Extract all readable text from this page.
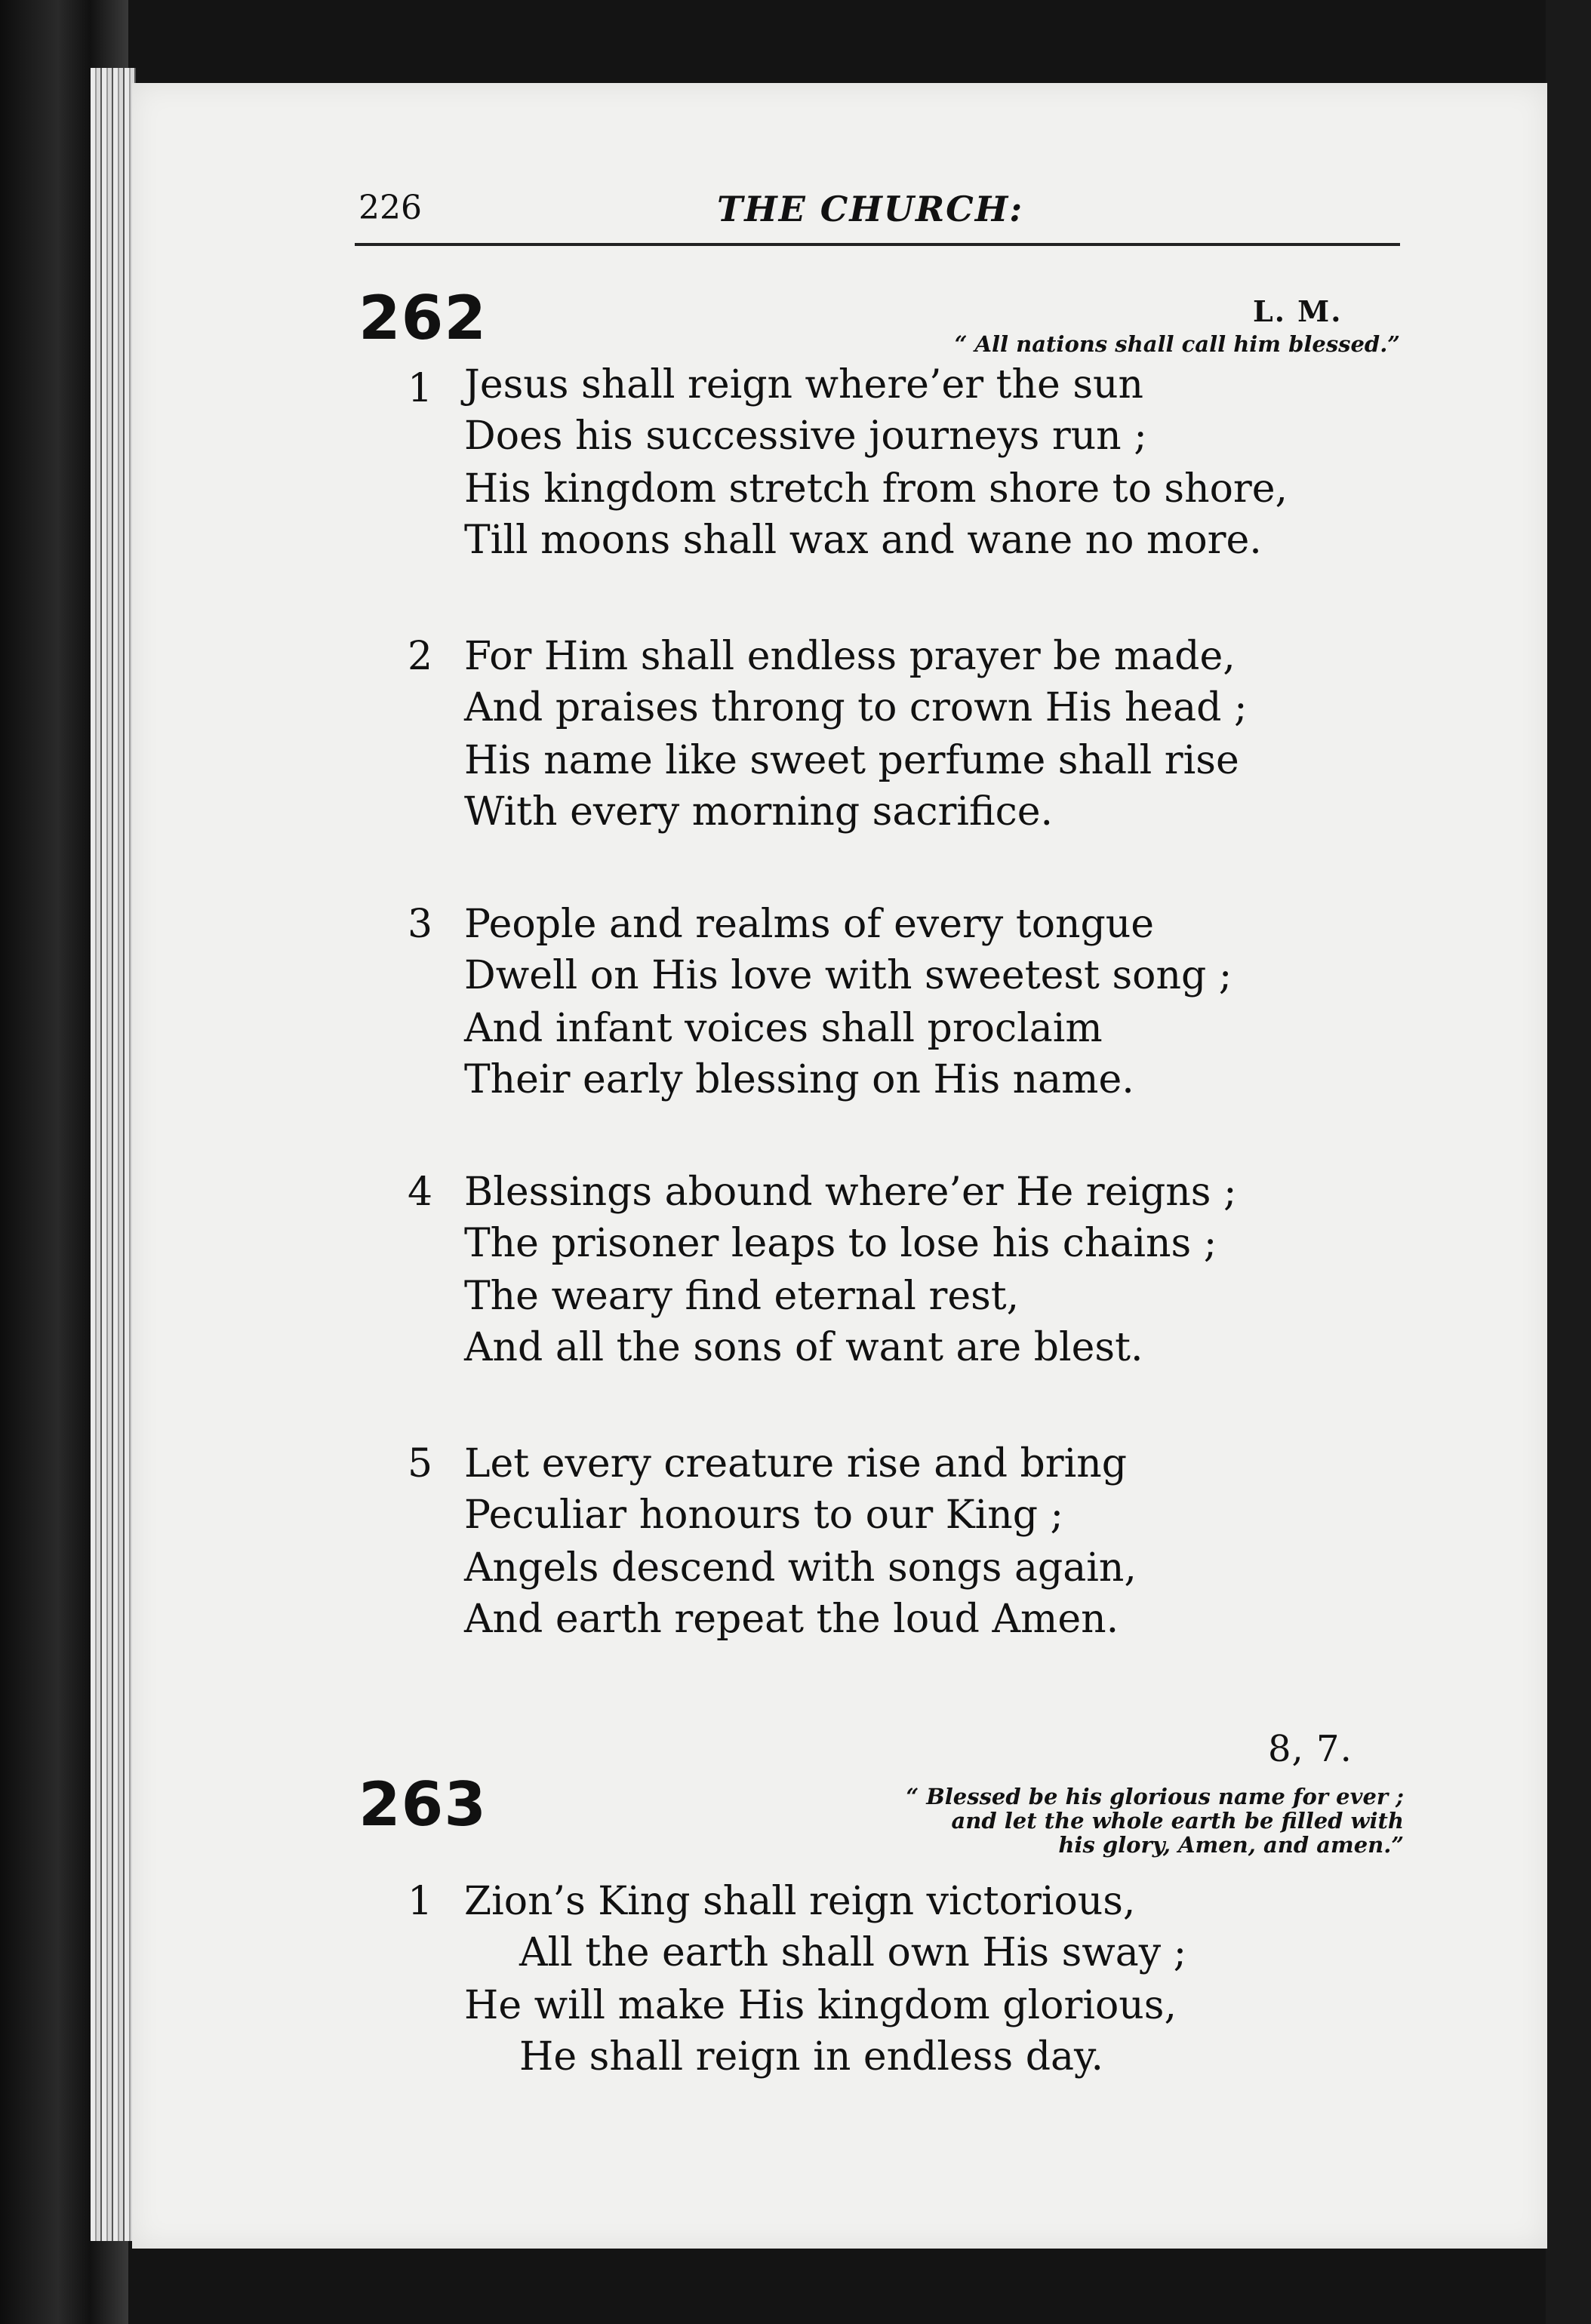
226	THE CHURCH:
262	L. M.
“ All nations shall call him blessed.”
1 Jesus shall reign where’er the sun
Does his successive journeys run ;
His kingdom stretch from shore to shore,
Till moons shall wax and wane no more.
2 For Him shall endless prayer be made,
And praises throng to crown His head ;
His name like sweet perfume shall rise
With every morning sacrifice.
3 People and realms of every tongue
Dwell on His love with sweetest song ;
And infant voices shall proclaim
Their early blessing on His name.
4 Blessings abound where’er He reigns ;
The prisoner leaps to lose his chains ;
The weary find eternal rest,
And all the sons of want are blest.
5 Let every creature rise and bring
Peculiar honours to our King ;
Angels descend with songs again,
And earth repeat the loud Amen.
8, 7.
263	“ Blessed be his glorious name for ever ;
and let the whole earth be filled with
his glory, Amen, and amen.”
1 Zion’s King shall reign victorious,
All the earth shall own His sway ;
He will make His kingdom glorious,
He shall reign in endless day.
